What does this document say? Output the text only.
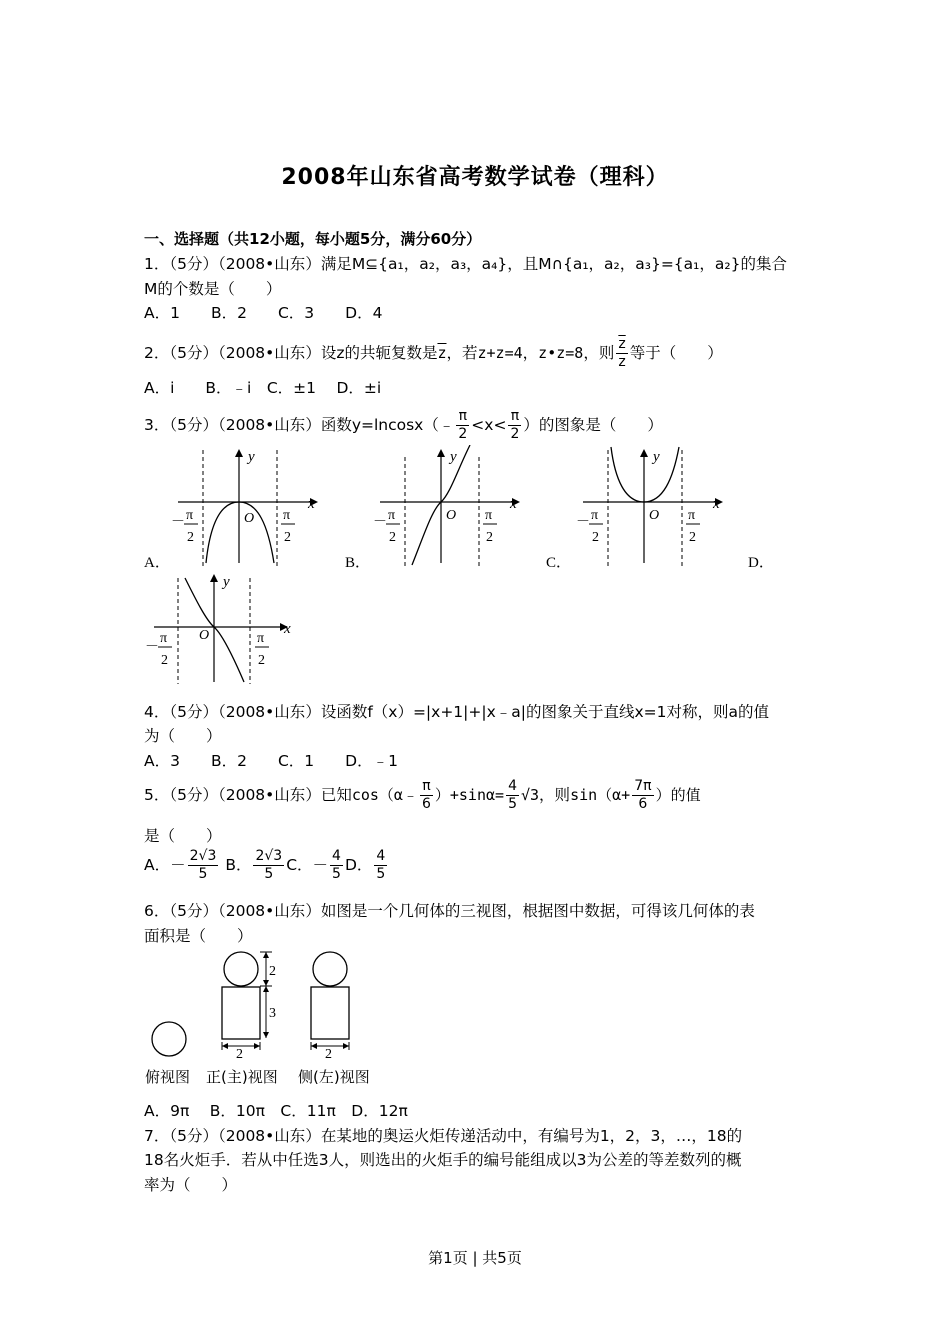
2008年山东省高考数学试卷（理科）
一、选择题（共12小题，每小题5分，满分60分）
1．（5分）（2008•山东）满足M⊆{a₁，a₂，a₃，a₄}，且M∩{a₁，a₂，a₃}={a₁，a₂}的集合
M的个数是（　　）
A．1　　B．2　　C．3　　D．4
2．（5分）（2008•山东）设z的共轭复数是$\overline{z}$，若z+z=4，z•z=8，则 $\frac{\overline{z}}{z}$ 等于（　　）
A．i　　B．﹣i　C．±1　 D．±i
3．（5分）（2008•山东）函数y=lncosx（﹣ $\frac{\pi}{2} <x< \frac{\pi}{2}$ ）的图象是（　　）
A．	B．	C．	D．
y
x
O
－ π
2
π
2
y
x
O
－ π
2
π
2
y
x
O
－ π
2
π
2
y
x
O
－
π
2
π
2
4．（5分）（2008•山东）设函数f（x）=|x+1|+|x﹣a|的图象关于直线x=1对称，则a的值
为（　　）
A．3　　B．2　　C．1　　D．﹣1
5．（5分）（2008•山东）已知cos（α﹣ $\frac{\pi}{6} )+\sin\alpha= \frac{4}{5} √3$，则$\sin(\alpha+ \frac{7\pi}{6}$ ）的值
是（　　）
A．－ $\frac{2√3}{5}$ B． $\frac{2√3}{5}$ C．－ $\frac{4}{5}$ D． $\frac{4}{5}$
6．（5分）（2008•山东）如图是一个几何体的三视图，根据图中数据，可得该几何体的表
面积是（　　）
2
3
2	2
俯视图 正(主)视图 侧(左)视图
A．9π　 B．10π　C．11π　D．12π
7．（5分）（2008•山东）在某地的奥运火炬传递活动中，有编号为1，2，3，…，18的
18名火炬手．若从中任选3人，则选出的火炬手的编号能组成以3为公差的等差数列的概
率为（　　）
第1页 | 共5页
